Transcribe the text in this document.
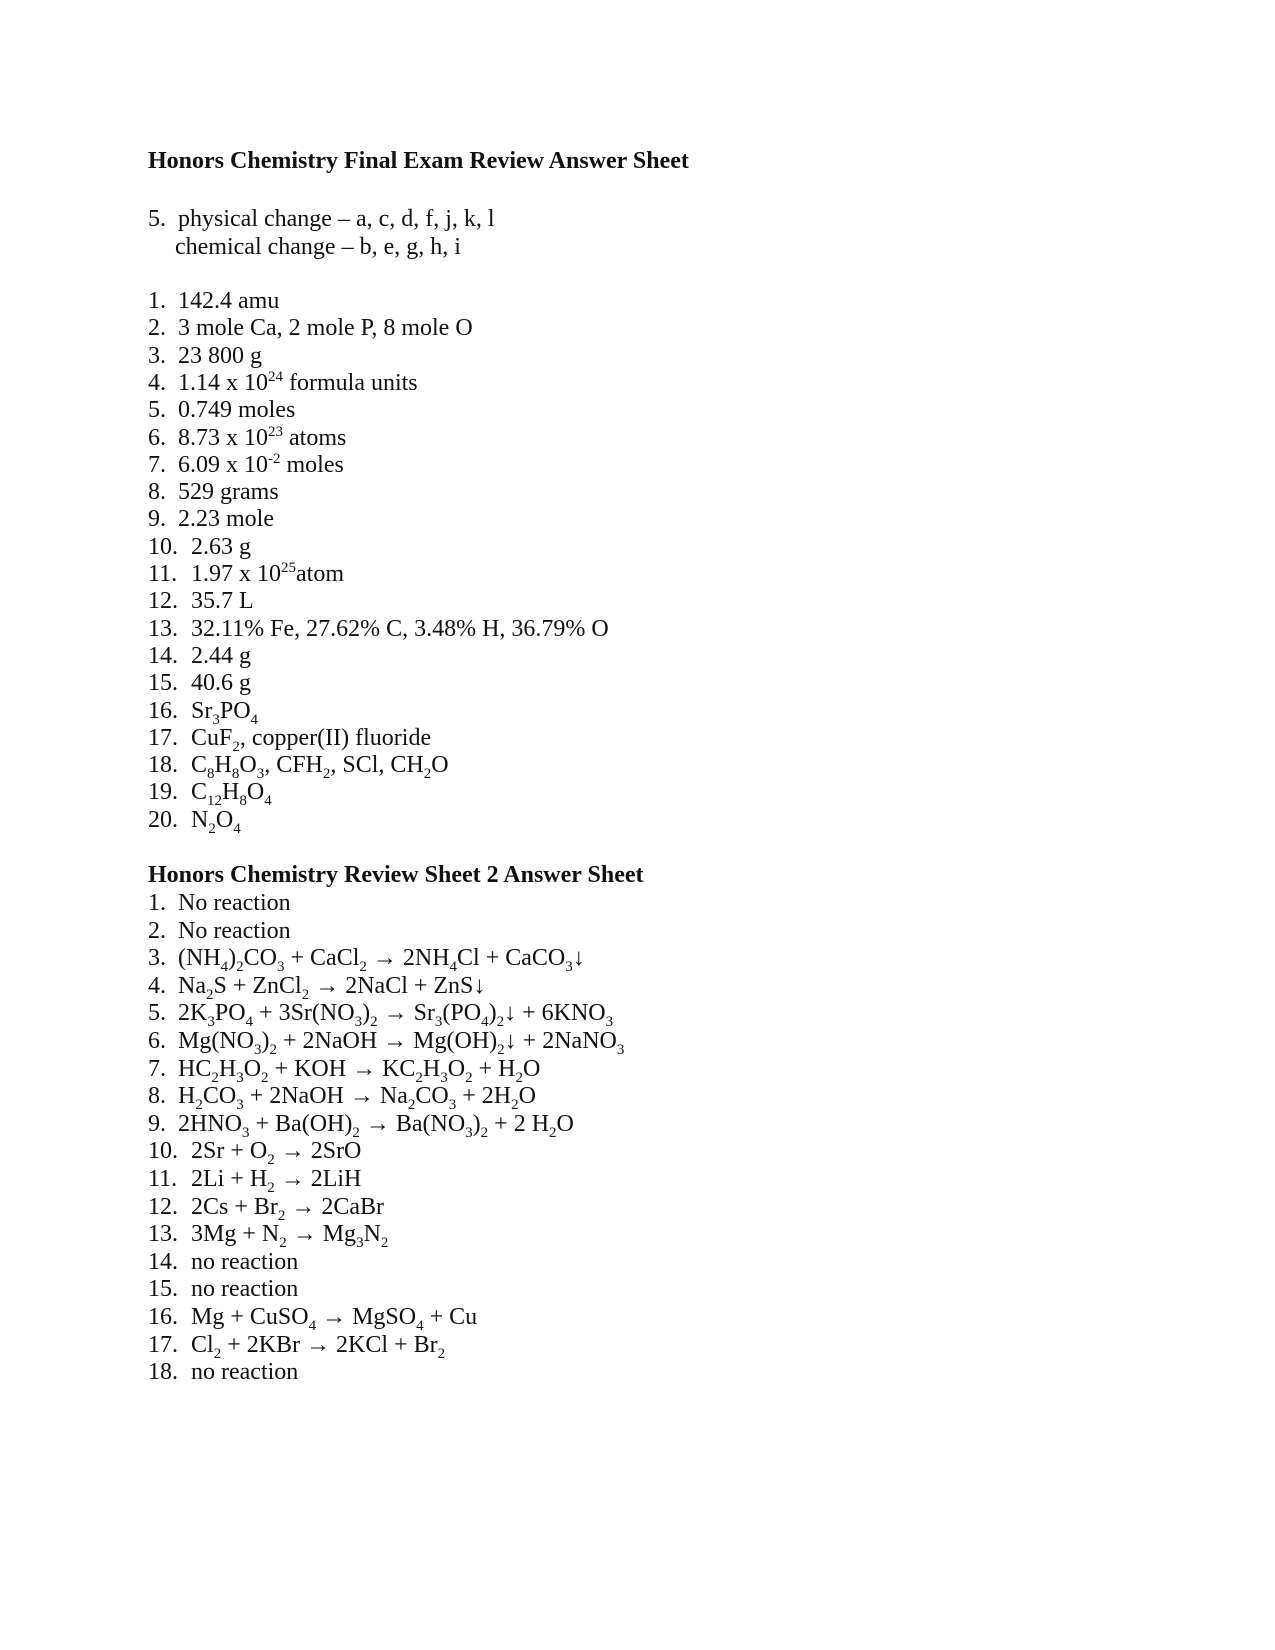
Honors Chemistry Final Exam Review Answer Sheet
5. physical change – a, c, d, f, j, k, l
chemical change – b, e, g, h, i
1. 142.4 amu
2. 3 mole Ca, 2 mole P, 8 mole O
3. 23 800 g
4. 1.14 x $10^{24}$ formula units
5. 0.749 moles
6. 8.73 x $10^{23}$ atoms
7. 6.09 x $10^{-2}$ moles
8. 529 grams
9. 2.23 mole
10. 2.63 g
11. 1.97 x $10^{25}atom$
12. 35.7 L
13. 32.11% Fe, 27.62% C, 3.48% H, 36.79% O
14. 2.44 g
15. 40.6 g
16. $Sr_3PO_4$
17. CuF$_2$, copper(II) fluoride
18. $C_8H_8O_3$, $CFH_2$, SCl, $CH_2O$
19. $C_{12}H_8O_4$
20. $N_2O_4$
Honors Chemistry Review Sheet 2 Answer Sheet
1. No reaction
2. No reaction
3. $(NH_4)_2CO_3$ + CaCl$_2$ → $2NH_4Cl$ + CaCO$_3$↓
4. $Na_2S$ + ZnCl$_2$ → 2NaCl + ZnS↓
5. $2K_3PO_4 + 3Sr(NO_3)_2$ → $Sr_3(PO_4)_2↓ + 6KNO_3$
6. $Mg(NO_3)_2$ + 2NaOH → $Mg(OH)_2↓$ + 2NaNO$_3$
7. $HC_2H_3O_2$ + KOH → $KC_2H_3O_2 + H_2O$
8. $H_2CO_3$ + 2NaOH → $Na_2CO_3 + 2H_2O$
9. $2HNO_3 + Ba(OH)_2 \to Ba(NO_3)_2 + 2$ $H_2O$
10. $2Sr + O_2 \to 2SrO$
11. $2Li + H_2 \to 2LiH$
12. $2Cs + Br_2$ → 2CaBr
13. $3Mg + N_2 \to Mg_3N_2$
14. no reaction
15. no reaction
16. Mg + CuSO$_4$ → MgSO$_4$ + Cu
17. $Cl_2 + 2KBr \to 2KCl + Br_2$
18. no reaction
